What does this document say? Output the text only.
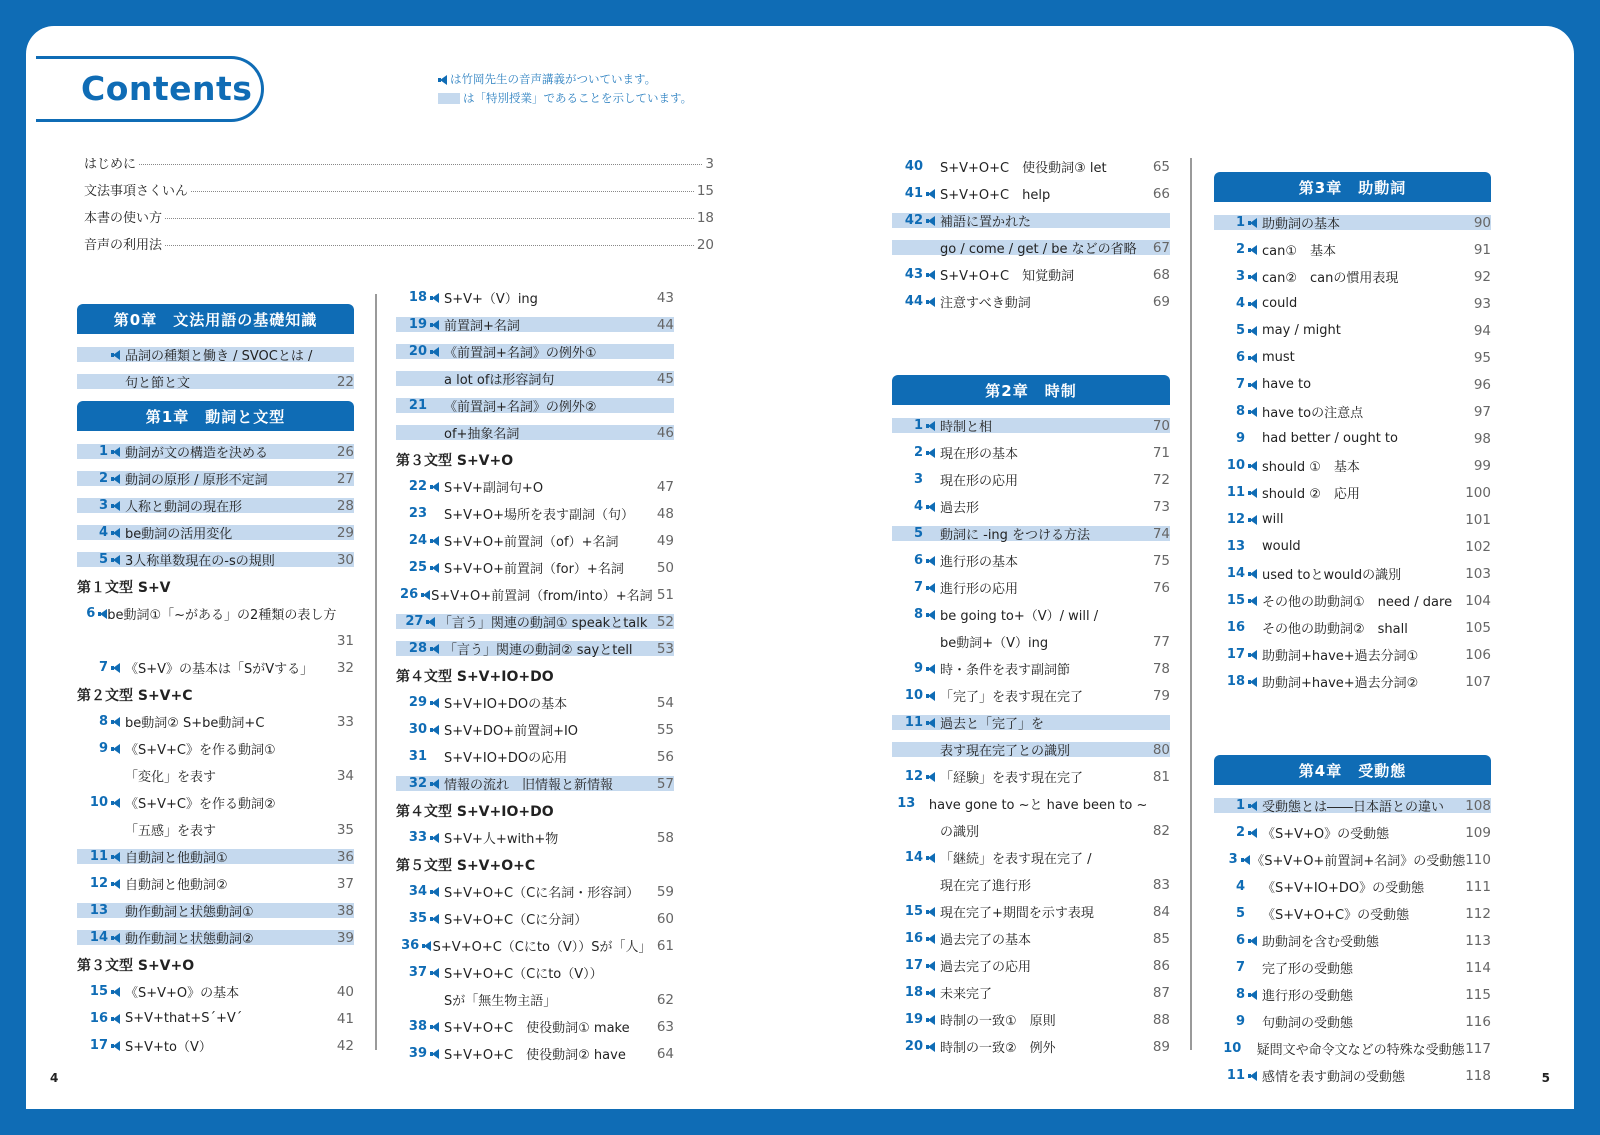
Contents	は竹岡先生の音声講義がついています。
は「特別授業」であることを示しています。
はじめに	3
文法事項さくいん	15
本書の使い方	18
音声の利用法	20
第0章　文法用語の基礎知識
品詞の種類と働き / SVOCとは /
句と節と文	22
第1章　動詞と文型
1 動詞が文の構造を決める	26
2 動詞の原形 / 原形不定詞	27
3 人称と動詞の現在形	28
4 be動詞の活用変化	29
5 3人称単数現在の-sの規則	30
第１文型 S+V
6 be動詞①「~がある」の2種類の表し方
31
7 《S+V》の基本は「SがVする」	32
第２文型 S+V+C
8 be動詞② S+be動詞+C	33
9 《S+V+C》を作る動詞①
「変化」を表す	34
10 《S+V+C》を作る動詞②
「五感」を表す	35
11 自動詞と他動詞①	36
12 自動詞と他動詞②	37
13 動作動詞と状態動詞①	38
14 動作動詞と状態動詞②	39
第３文型 S+V+O
15 《S+V+O》の基本	40
16 S+V+that+S´+V´	41
17 S+V+to（V）	42
18 S+V+（V）ing	43
19 前置詞+名詞	44
20 《前置詞+名詞》の例外①
a lot ofは形容詞句	45
21 《前置詞+名詞》の例外②
of+抽象名詞	46
第３文型 S+V+O
22 S+V+副詞句+O	47
23 S+V+O+場所を表す副詞（句）	48
24 S+V+O+前置詞（of）+名詞	49
25 S+V+O+前置詞（for）+名詞	50
26 S+V+O+前置詞（from/into）+名詞 51
27 「言う」関連の動詞① speakとtalk 52
28 「言う」関連の動詞② sayとtell	53
第４文型 S+V+IO+DO
29 S+V+IO+DOの基本	54
30 S+V+DO+前置詞+IO	55
31 S+V+IO+DOの応用	56
32 情報の流れ　旧情報と新情報	57
第４文型 S+V+IO+DO
33 S+V+人+with+物	58
第５文型 S+V+O+C
34 S+V+O+C（Cに名詞・形容詞）	59
35 S+V+O+C（Cに分詞）	60
36 S+V+O+C（Cにto（V））Sが「人」 61
37 S+V+O+C（Cにto（V））
Sが「無生物主語」	62
38 S+V+O+C　使役動詞① make	63
39 S+V+O+C　使役動詞② have	64
40 S+V+O+C　使役動詞③ let	65
41 S+V+O+C　help	66
42 補語に置かれた
go / come / get / be などの省略	67
43 S+V+O+C　知覚動詞	68
44 注意すべき動詞	69
第2章　時制
1 時制と相	70
2 現在形の基本	71
3 現在形の応用	72
4 過去形	73
5 動詞に -ing をつける方法	74
6 進行形の基本	75
7 進行形の応用	76
8 be going to+（V）/ will /
be動詞+（V）ing	77
9 時・条件を表す副詞節	78
10 「完了」を表す現在完了	79
11 過去と「完了」を
表す現在完了との識別	80
12 「経験」を表す現在完了	81
13 have gone to ~と have been to ~
の識別	82
14 「継続」を表す現在完了 /
現在完了進行形	83
15 現在完了+期間を示す表現	84
16 過去完了の基本	85
17 過去完了の応用	86
18 未来完了	87
19 時制の一致①　原則	88
20 時制の一致②　例外	89
第3章　助動詞
1 助動詞の基本	90
2 can①　基本	91
3 can②　canの慣用表現	92
4 could	93
5 may / might	94
6 must	95
7 have to	96
8 have toの注意点	97
9 had better / ought to	98
10 should ①　基本	99
11 should ②　応用	100
12 will	101
13 would	102
14 used toとwouldの識別	103
15 その他の助動詞①　need / dare 104
16 その他の助動詞②　shall	105
17 助動詞+have+過去分詞①	106
18 助動詞+have+過去分詞②	107
第4章　受動態
1 受動態とは――日本語との違い	108
2 《S+V+O》の受動態	109
3 《S+V+O+前置詞+名詞》の受動態 110
4 《S+V+IO+DO》の受動態	111
5 《S+V+O+C》の受動態	112
6 助動詞を含む受動態	113
7 完了形の受動態	114
8 進行形の受動態	115
9 句動詞の受動態	116
10 疑問文や命令文などの特殊な受動態 117
11 感情を表す動詞の受動態	118
4	5
